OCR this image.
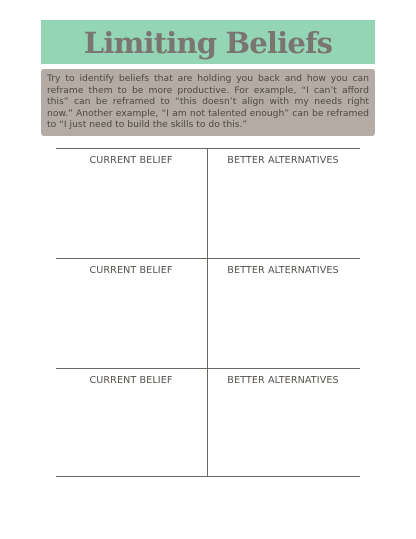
Limiting Beliefs

Try to identify beliefs that are holding you back and how you can reframe them to be more productive. For example, “I can’t afford this” can be reframed to “this doesn’t align with my needs right now.” Another example, “I am not talented enough” can be reframed to “I just need to build the skills to do this.”

CURRENT BELIEF	BETTER ALTERNATIVES
CURRENT BELIEF	BETTER ALTERNATIVES
CURRENT BELIEF	BETTER ALTERNATIVES
